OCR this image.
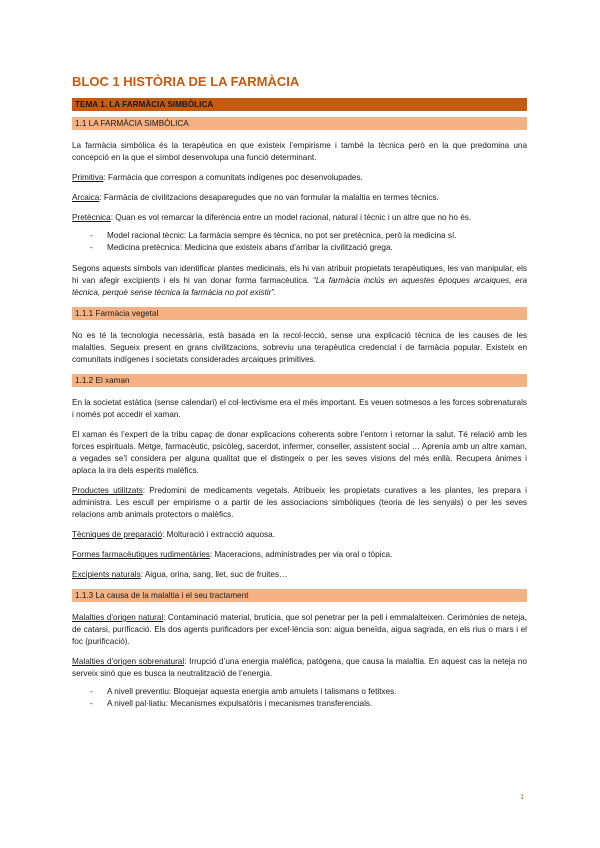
BLOC 1 HISTÒRIA DE LA FARMÀCIA
TEMA 1. LA FARMÀCIA SIMBÒLICA
1.1 LA FARMÀCIA SIMBÒLICA

La farmàcia simbòlica és la terapèutica en que existeix l’empirisme i també la tècnica però en la que predomina una concepció en la que el símbol desenvolupa una funció determinant.

Primitiva: Farmàcia que correspon a comunitats indígenes poc desenvolupades.

Arcaica: Farmàcia de civilitzacions desaparegudes que no van formular la malaltia en termes tècnics.

Pretècnica: Quan es vol remarcar la diferència entre un model racional, natural i tècnic i un altre que no ho és.

- Model racional tècnic: La farmàcia sempre és tècnica, no pot ser pretècnica, però la medicina sí.
- Medicina pretècnica: Medicina que existeix abans d’arribar la civilització grega.

Segons aquests símbols van identificar plantes medicinals, els hi van atribuir propietats terapèutiques, les van manipular, els hi van afegir excipients i els hi van donar forma farmacèutica. “La farmàcia inclús en aquestes èpoques arcaiques, era tècnica, perquè sense tècnica la farmàcia no pot existir”.

1.1.1 Farmàcia vegetal

No es té la tecnologia necessària, està basada en la recol·lecció, sense una explicació tècnica de les causes de les malalties. Segueix present en grans civilitzacions, sobreviu una terapèutica credencial i de farmàcia popular. Existeix en comunitats indígenes i societats considerades arcaiques primitives.

1.1.2 El xaman

En la societat estàtica (sense calendari) el col·lectivisme era el més important. Es veuen sotmesos a les forces sobrenaturals i només pot accedir el xaman.

El xaman és l’expert de la tribu capaç de donar explicacions coherents sobre l’entorn i retornar la salut. Té relació amb les forces espirituals. Metge, farmacèutic, psicòleg, sacerdot, infermer, conseller, assistent social … Aprenia amb un altre xaman, a vegades se’l considera per alguna qualitat que el distingeix o per les seves visions del més enllà. Recupera ànimes i aplaca la ira dels esperits malèfics.

Productes utilitzats: Predomini de medicaments vegetals. Atribueix les propietats curatives a les plantes, les prepara i administra. Les escull per empirisme o a partir de les associacions simbòliques (teoria de les senyals) o per les seves relacions amb animals protectors o malèfics.

Tècniques de preparació: Molturació i extracció aquosa.

Formes farmacèutiques rudimentàries: Maceracions, administrades per via oral o tòpica.

Excipients naturals: Aigua, orina, sang, llet, suc de fruites…

1.1.3 La causa de la malaltia i el seu tractament

Malalties d’origen natural: Contaminació material, brutícia, que sol penetrar per la pell i emmalalteixen. Cerimònies de neteja, de catarsi, purificació. Els dos agents purificadors per excel·lència son: aigua beneïda, aigua sagrada, en els rius o mars i el foc (purificació).

Malalties d’origen sobrenatural: Irrupció d’una energia malèfica, patògena, que causa la malaltia. En aquest cas la neteja no serveix sinó que es busca la neutralització de l’energia.

- A nivell preventiu: Bloquejar aquesta energia amb amulets i talismans o fetitxes.
- A nivell pal·liatiu: Mecanismes expulsatòris i mecanismes transferencials.
1
